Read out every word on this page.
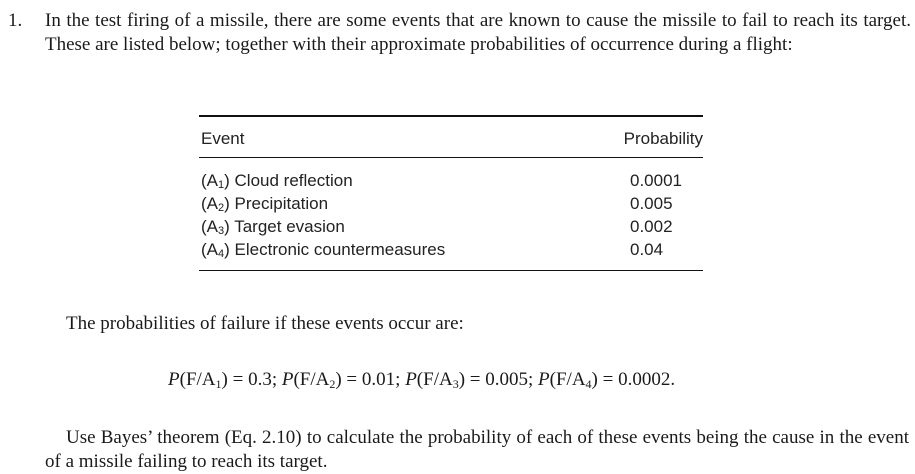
1. In the test firing of a missile, there are some events that are known to cause the missile to fail to reach its target. These are listed below; together with their approximate probabilities of occurrence during a flight:

Event	Probability
$(A_1)$ Cloud reflection	0.0001
$(A_2)$ Precipitation	0.005
$(A_3)$ Target evasion	0.002
$(A_4)$ Electronic countermeasures	0.04

The probabilities of failure if these events occur are:

$P(F/A_1) = 0.3$; $P(F/A_2) = 0.01$; $P(F/A_3) = 0.005$; $P(F/A_4) = 0.0002$.

Use Bayes’ theorem (Eq. 2.10) to calculate the probability of each of these events being the cause in the event of a missile failing to reach its target.
